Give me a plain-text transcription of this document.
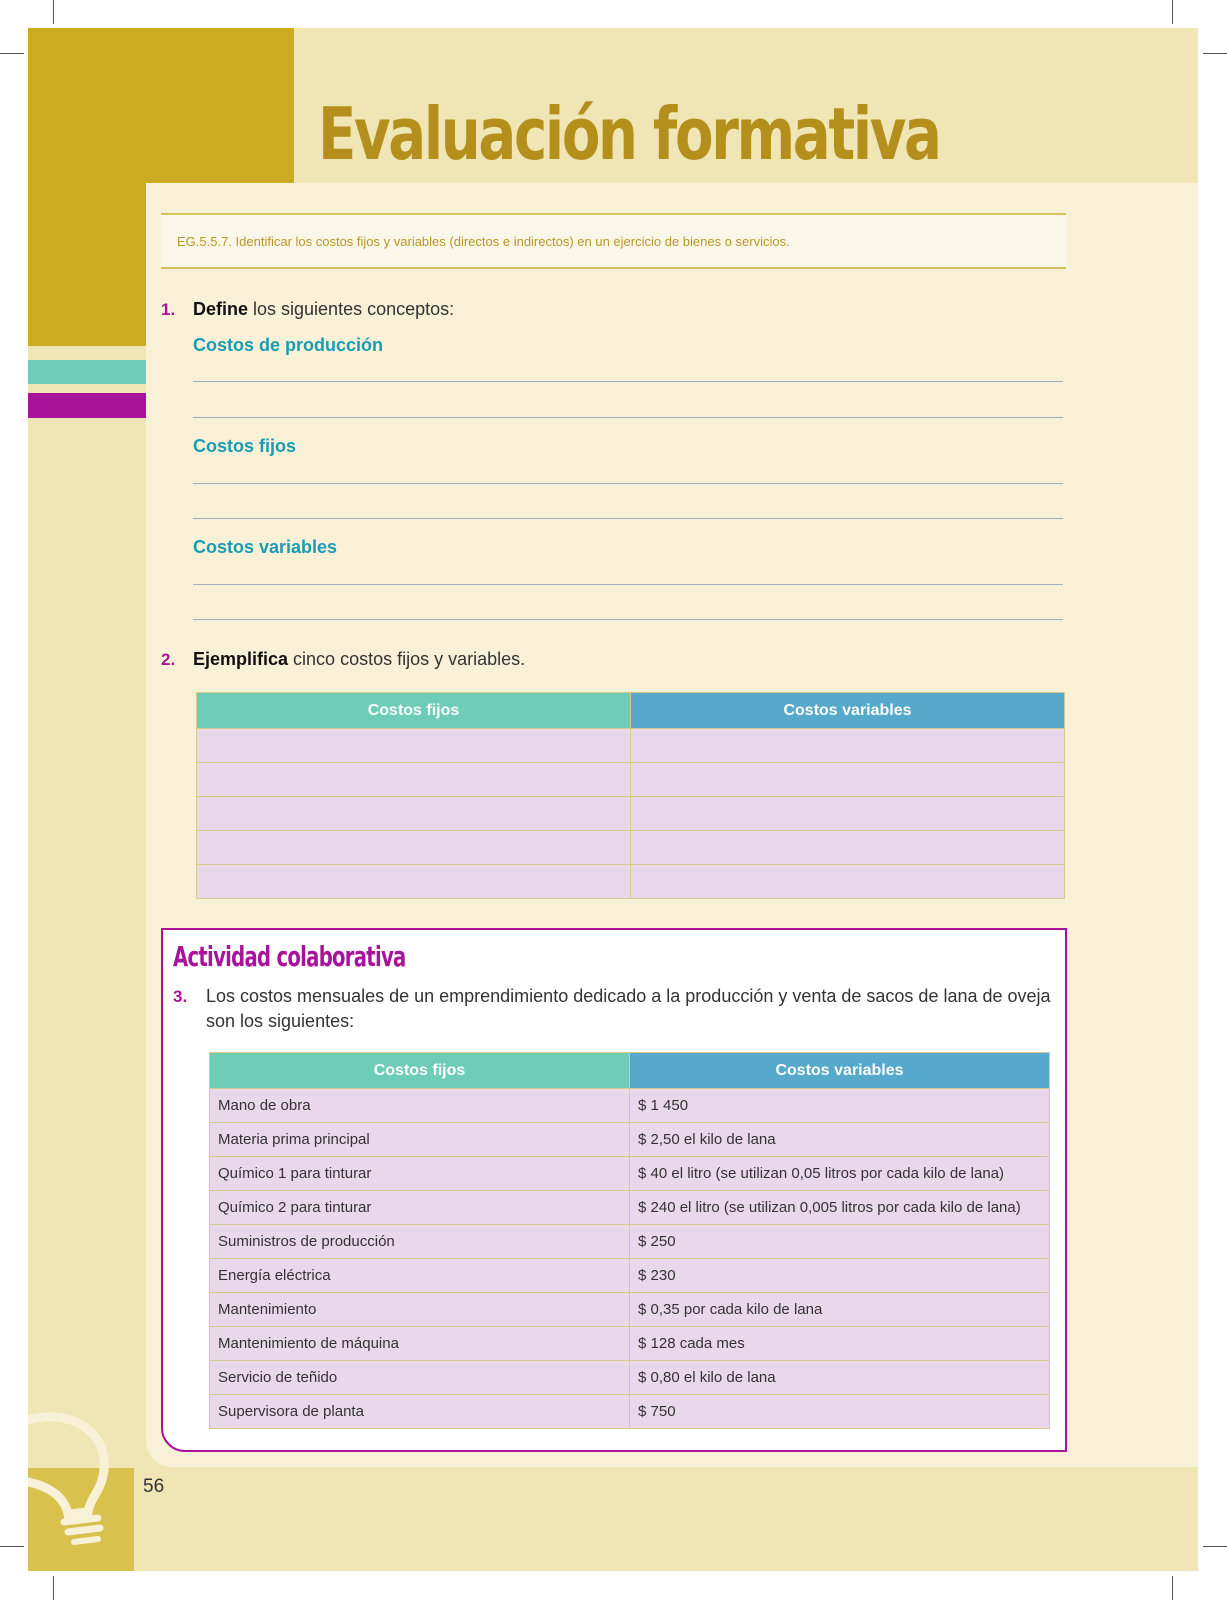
Evaluación formativa
EG.5.5.7. Identificar los costos fijos y variables (directos e indirectos) en un ejercicio de bienes o servicios.
1. Define los siguientes conceptos:
Costos de producción
Costos fijos
Costos variables
2. Ejemplifica cinco costos fijos y variables.
Costos fijos	Costos variables

Actividad colaborativa
3. Los costos mensuales de un emprendimiento dedicado a la producción y venta de sacos de lana de oveja son los siguientes:
Costos fijos	Costos variables
Mano de obra	$ 1 450
Materia prima principal	$ 2,50 el kilo de lana
Químico 1 para tinturar	$ 40 el litro (se utilizan 0,05 litros por cada kilo de lana)
Químico 2 para tinturar	$ 240 el litro (se utilizan 0,005 litros por cada kilo de lana)
Suministros de producción	$ 250
Energía eléctrica	$ 230
Mantenimiento	$ 0,35 por cada kilo de lana
Mantenimiento de máquina	$ 128 cada mes
Servicio de teñido	$ 0,80 el kilo de lana
Supervisora de planta	$ 750
56
